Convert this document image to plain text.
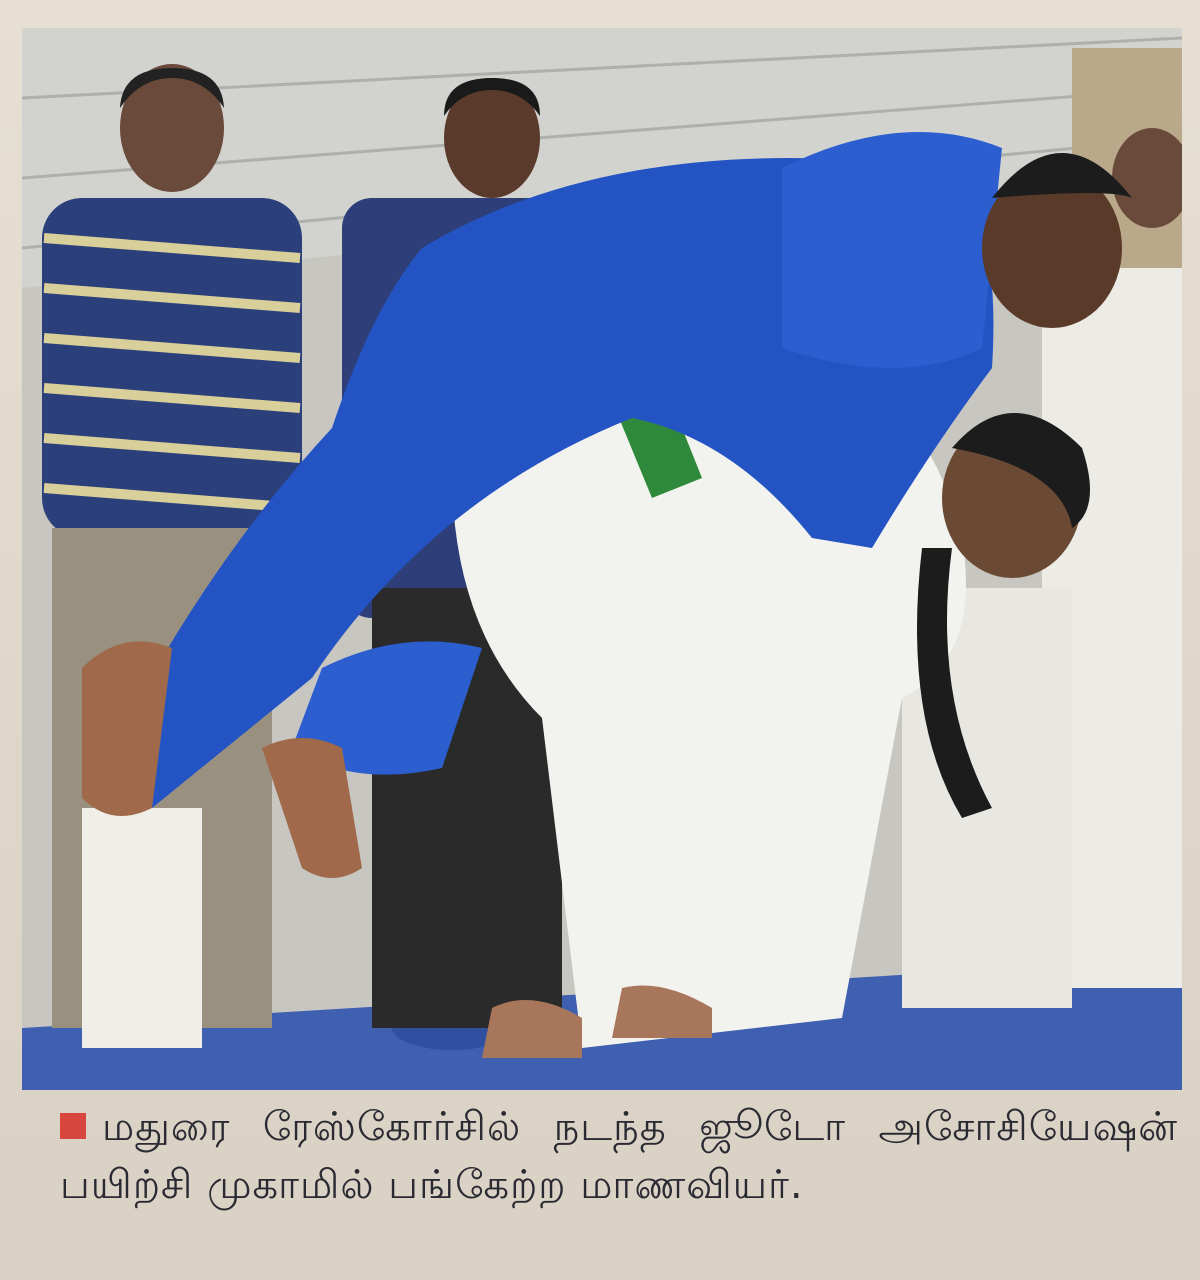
மதுரை ரேஸ்கோர்சில் நடந்த ஜூடோ அசோசியேஷன் பயிற்சி முகாமில் பங்கேற்ற மாணவியர்.
